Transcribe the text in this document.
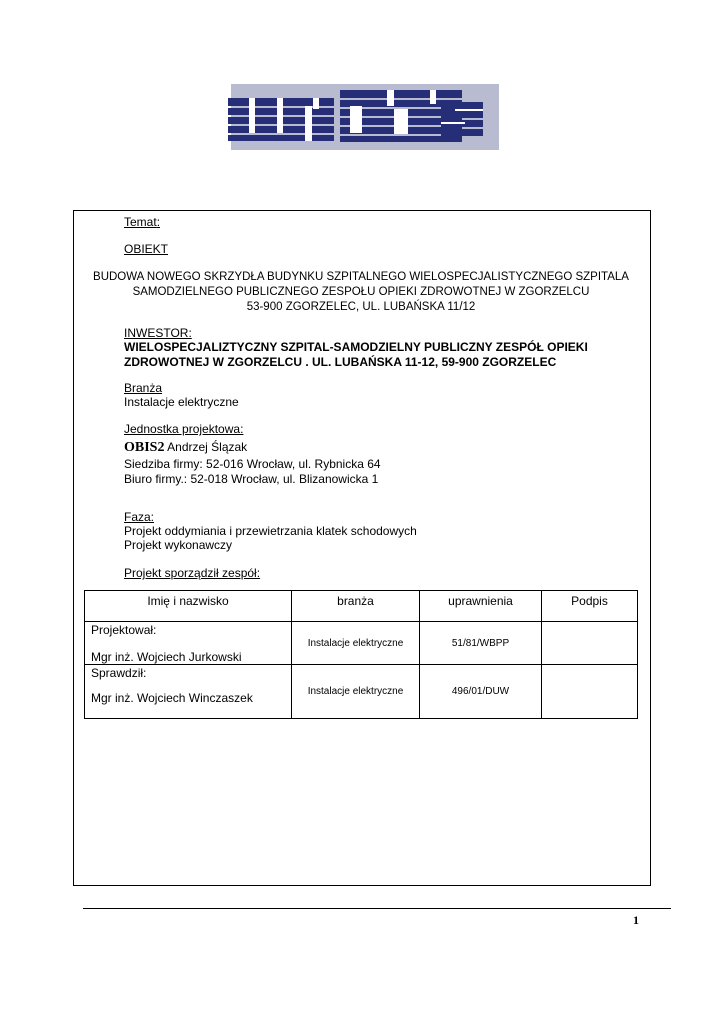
Temat:
OBIEKT
BUDOWA NOWEGO SKRZYDŁA BUDYNKU SZPITALNEGO WIELOSPECJALISTYCZNEGO SZPITALA
SAMODZIELNEGO PUBLICZNEGO ZESPOŁU OPIEKI ZDROWOTNEJ W ZGORZELCU
53-900 ZGORZELEC, UL. LUBAŃSKA 11/12
INWESTOR:
WIELOSPECJALIZTYCZNY SZPITAL-SAMODZIELNY PUBLICZNY ZESPÓŁ OPIEKI
ZDROWOTNEJ W ZGORZELCU . UL. LUBAŃSKA 11-12, 59-900 ZGORZELEC
Branża
Instalacje elektryczne
Jednostka projektowa:
OBIS2 Andrzej Ślązak
Siedziba firmy: 52-016 Wrocław, ul. Rybnicka 64
Biuro firmy.: 52-018 Wrocław, ul. Blizanowicka 1
Faza:
Projekt oddymiania i przewietrzania klatek schodowych
Projekt wykonawczy
Projekt sporządził zespół:
Imię i nazwisko	branża	uprawnienia	Podpis

Projektował:
Mgr inż. Wojciech Jurkowski	Instalacje elektryczne	51/81/WBPP	

Sprawdził:
Mgr inż. Wojciech Winczaszek	Instalacje elektryczne	496/01/DUW	
1
